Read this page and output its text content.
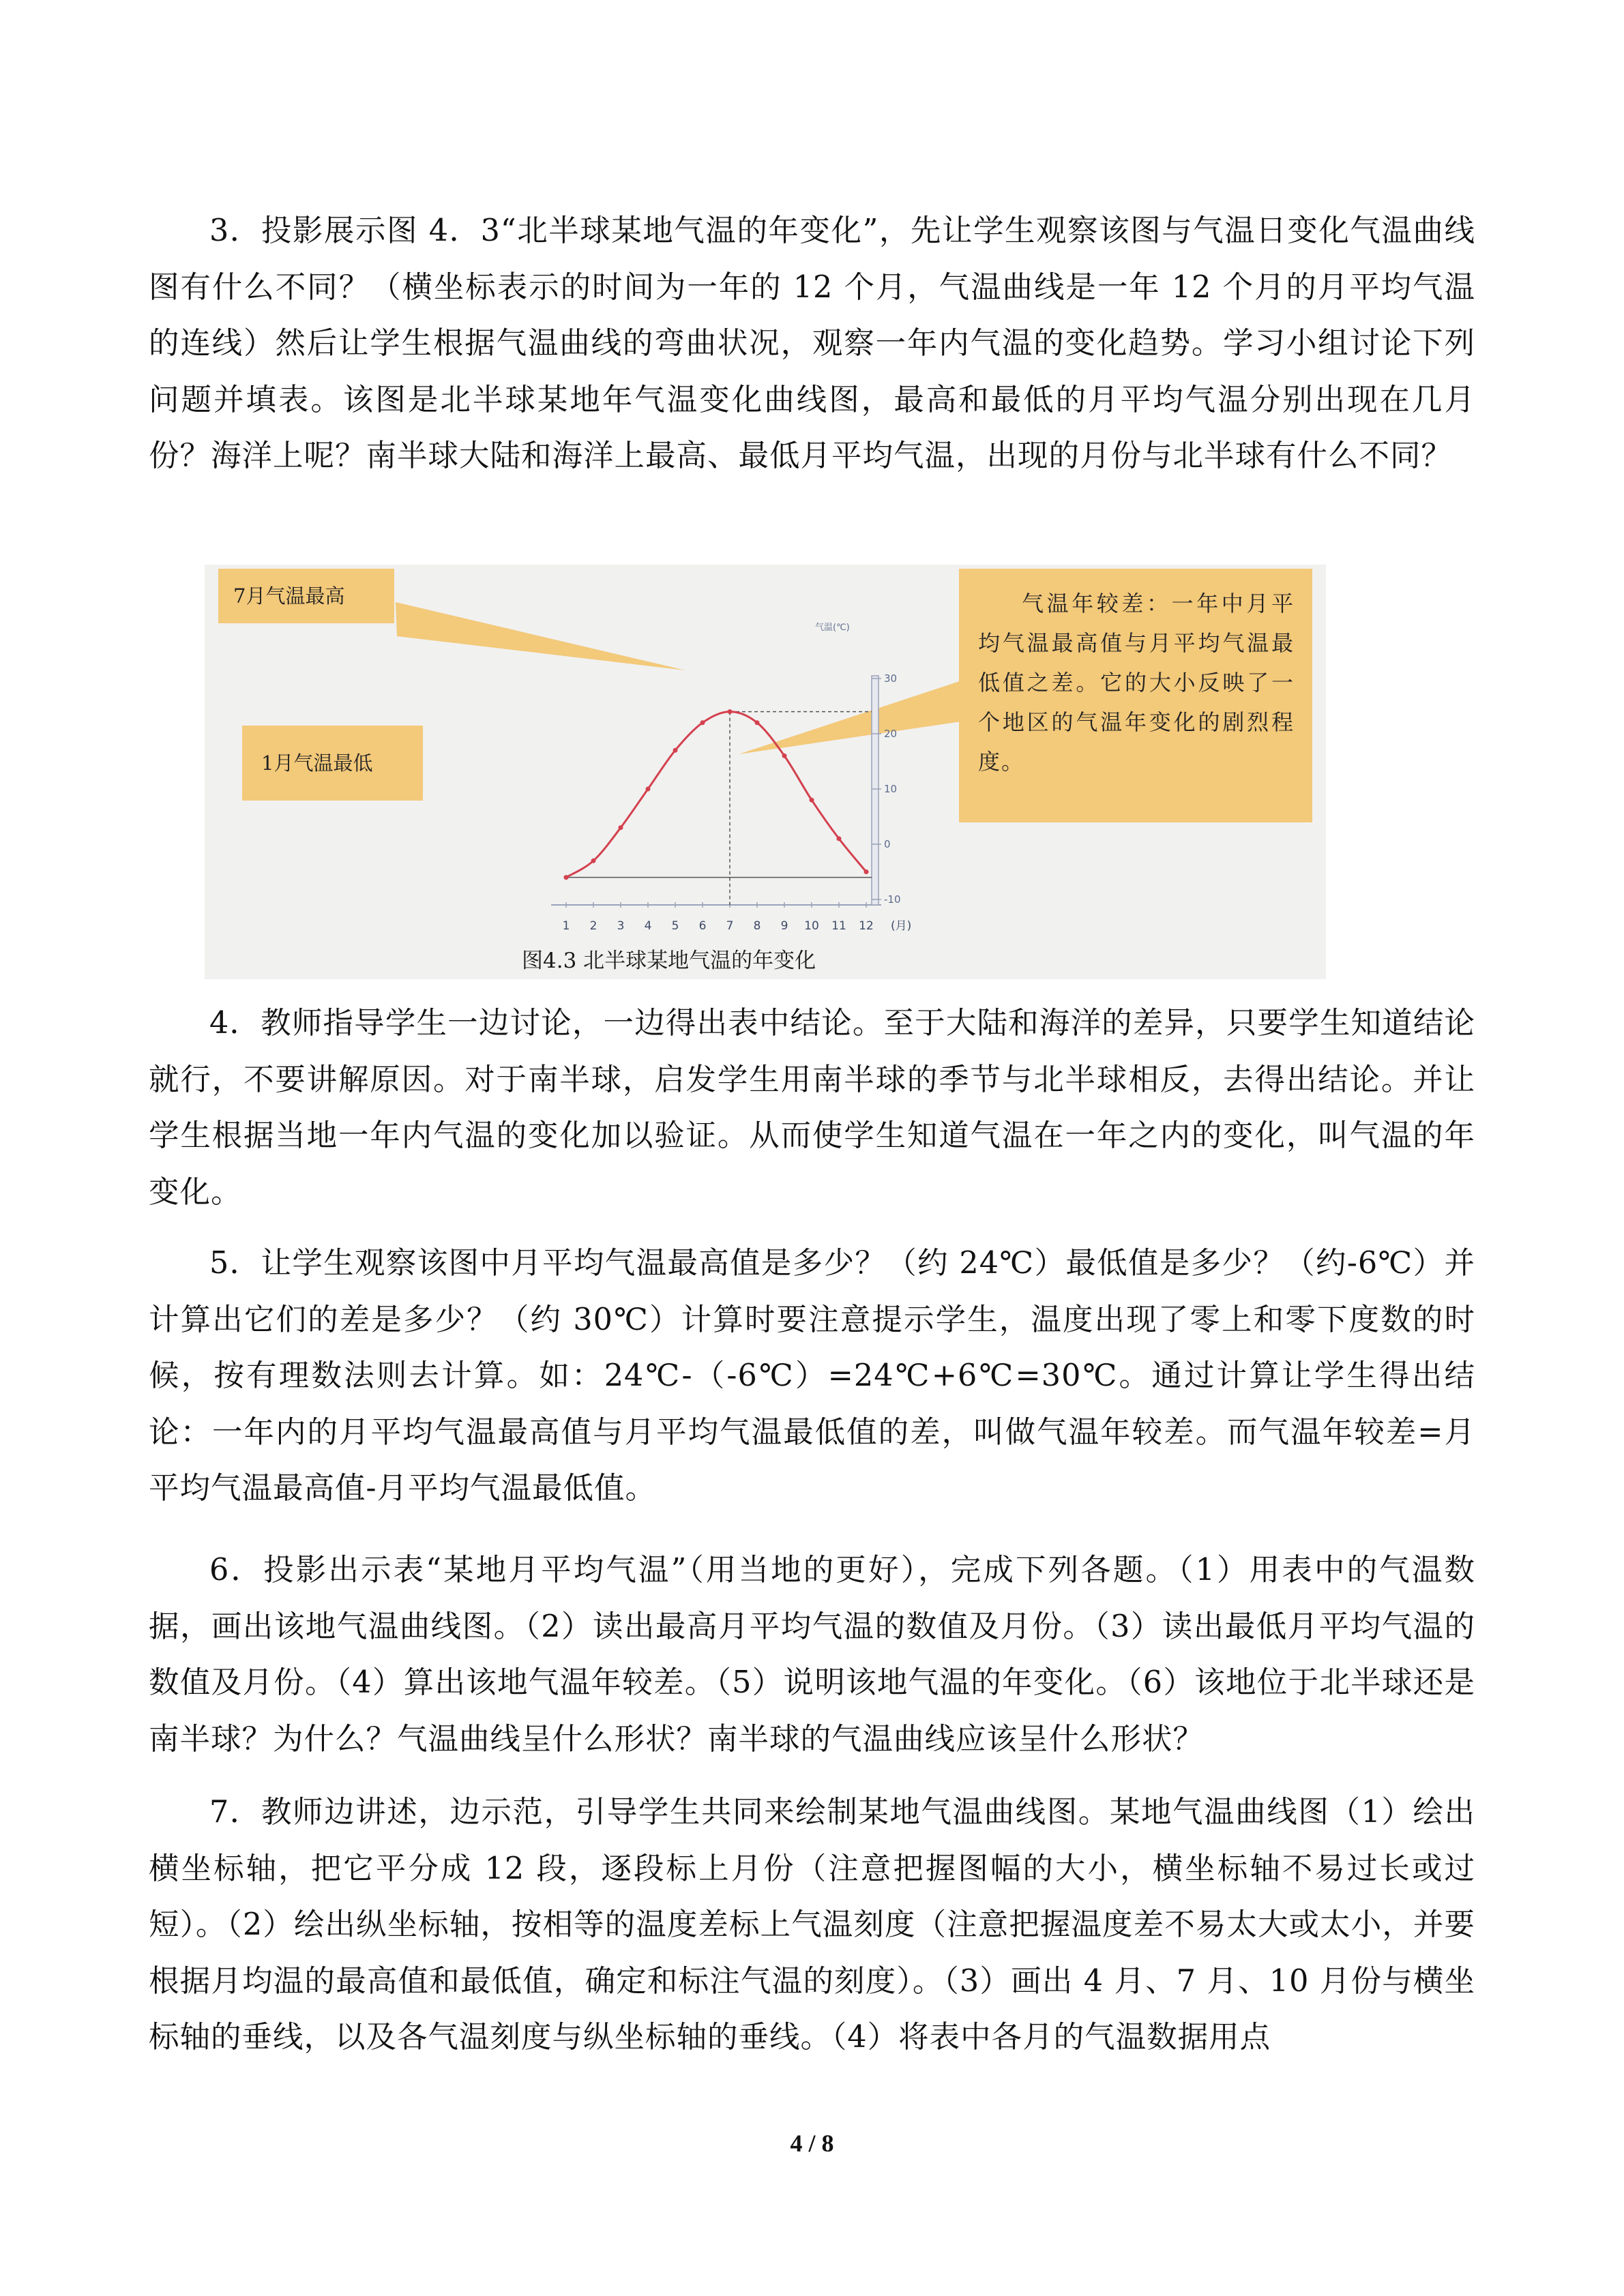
3．投影展示图 4．3“北半球某地气温的年变化”，先让学生观察该图与气温日变化气温曲线图有什么不同？（横坐标表示的时间为一年的 12 个月，气温曲线是一年 12 个月的月平均气温的连线）然后让学生根据气温曲线的弯曲状况，观察一年内气温的变化趋势。学习小组讨论下列问题并填表。该图是北半球某地年气温变化曲线图，最高和最低的月平均气温分别出现在几月份？海洋上呢？南半球大陆和海洋上最高、最低月平均气温，出现的月份与北半球有什么不同？
30
20
10
0
-10
1 2 3 4 5 6 7 8 9 10 11 12 (月)
气温(℃)
图4.3 北半球某地气温的年变化
7月气温最高
1月气温最低
气温年较差：一年中月平均气温最高值与月平均气温最低值之差。它的大小反映了一个地区的气温年变化的剧烈程度。
4．教师指导学生一边讨论，一边得出表中结论。至于大陆和海洋的差异，只要学生知道结论就行，不要讲解原因。对于南半球，启发学生用南半球的季节与北半球相反，去得出结论。并让学生根据当地一年内气温的变化加以验证。从而使学生知道气温在一年之内的变化，叫气温的年变化。
5．让学生观察该图中月平均气温最高值是多少？（约 24℃）最低值是多少？（约-6℃）并计算出它们的差是多少？（约 30℃）计算时要注意提示学生，温度出现了零上和零下度数的时候，按有理数法则去计算。如：24℃-（-6℃）=24℃+6℃=30℃。通过计算让学生得出结论：一年内的月平均气温最高值与月平均气温最低值的差，叫做气温年较差。而气温年较差=月平均气温最高值-月平均气温最低值。
6．投影出示表“某地月平均气温”（用当地的更好），完成下列各题。（1）用表中的气温数据，画出该地气温曲线图。（2）读出最高月平均气温的数值及月份。（3）读出最低月平均气温的数值及月份。（4）算出该地气温年较差。（5）说明该地气温的年变化。（6）该地位于北半球还是南半球？为什么？气温曲线呈什么形状？南半球的气温曲线应该呈什么形状？
7．教师边讲述，边示范，引导学生共同来绘制某地气温曲线图。某地气温曲线图（1）绘出横坐标轴，把它平分成 12 段，逐段标上月份（注意把握图幅的大小，横坐标轴不易过长或过短）。（2）绘出纵坐标轴，按相等的温度差标上气温刻度（注意把握温度差不易太大或太小，并要根据月均温的最高值和最低值，确定和标注气温的刻度）。（3）画出 4 月、7 月、10 月份与横坐标轴的垂线，以及各气温刻度与纵坐标轴的垂线。（4）将表中各月的气温数据用点
4 / 8
